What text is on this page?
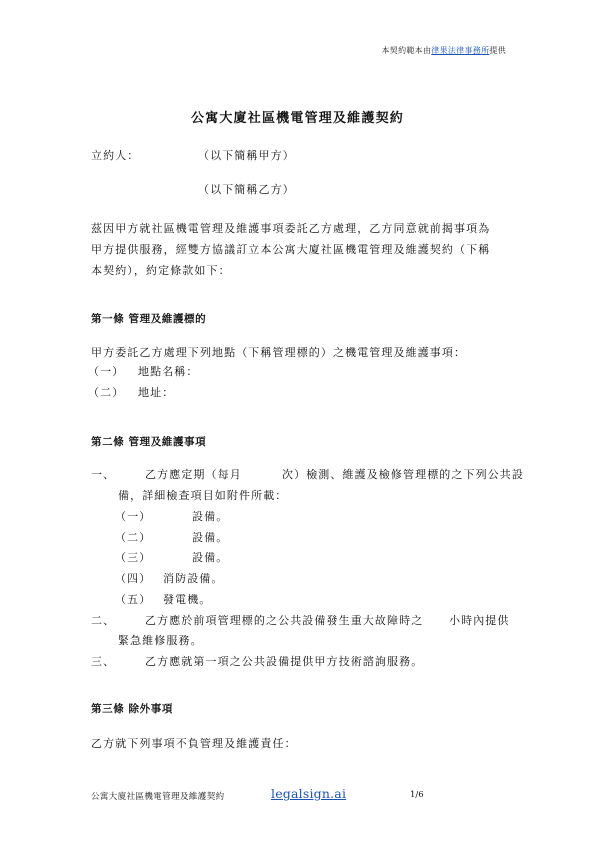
本契約範本由律果法律事務所提供
公寓大廈社區機電管理及維護契約
立約人：	（以下簡稱甲方）
（以下簡稱乙方）
茲因甲方就社區機電管理及維護事項委託乙方處理，乙方同意就前揭事項為
甲方提供服務，經雙方協議訂立本公寓大廈社區機電管理及維護契約（下稱
本契約），約定條款如下：
第一條 管理及維護標的
甲方委託乙方處理下列地點（下稱管理標的）之機電管理及維護事項：
（一） 地點名稱：
（二） 地址：
第二條 管理及維護事項
一、	乙方應定期（每月	次）檢測、維護及檢修管理標的之下列公共設
備，詳細檢查項目如附件所載：
（一）	設備。
（二）	設備。
（三）	設備。
（四） 消防設備。
（五） 發電機。
二、	乙方應於前項管理標的之公共設備發生重大故障時之 小時內提供
緊急維修服務。
三、	乙方應就第一項之公共設備提供甲方技術諮詢服務。
第三條 除外事項
乙方就下列事項不負管理及維護責任：
公寓大廈社區機電管理及維護契約	legalsign.ai	1/6
